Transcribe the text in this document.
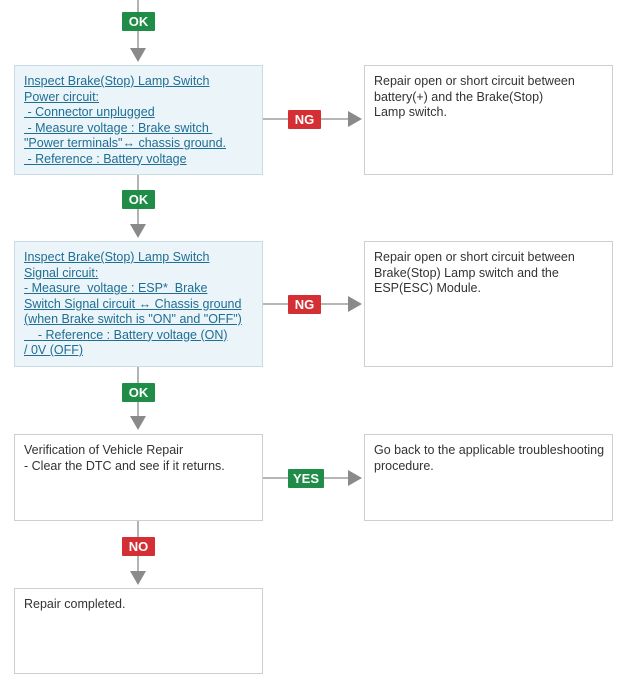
OK
NG
OK
NG
OK
YES
NO
Inspect Brake(Stop) Lamp Switch
Power circuit:
- Connector unplugged
- Measure voltage : Brake switch
"Power terminals"↔ chassis ground.
- Reference : Battery voltage
Repair open or short circuit between
battery(+) and the Brake(Stop)
Lamp switch.
Inspect Brake(Stop) Lamp Switch
Signal circuit:
- Measure  voltage : ESP*  Brake
Switch Signal circuit ↔ Chassis ground
(when Brake switch is "ON" and "OFF")
- Reference : Battery voltage (ON)
/ 0V (OFF)
Repair open or short circuit between
Brake(Stop) Lamp switch and the
ESP(ESC) Module.
Verification of Vehicle Repair
- Clear the DTC and see if it returns.
Go back to the applicable troubleshooting
procedure.
Repair completed.
